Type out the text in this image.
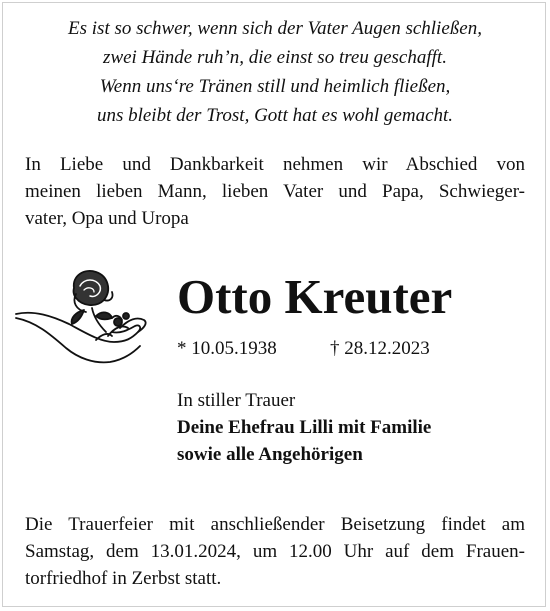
Es ist so schwer, wenn sich der Vater Augen schließen,
zwei Hände ruh’n, die einst so treu geschafft.
Wenn uns‘re Tränen still und heimlich fließen,
uns bleibt der Trost, Gott hat es wohl gemacht.
In Liebe und Dankbarkeit nehmen wir Abschied von
meinen lieben Mann, lieben Vater und Papa, Schwieger-
vater, Opa und Uropa
Otto Kreuter
* 10.05.1938	† 28.12.2023
In stiller Trauer
Deine Ehefrau Lilli mit Familie
sowie alle Angehörigen
Die Trauerfeier mit anschließender Beisetzung findet am
Samstag, dem 13.01.2024, um 12.00 Uhr auf dem Frauen-
torfriedhof in Zerbst statt.
